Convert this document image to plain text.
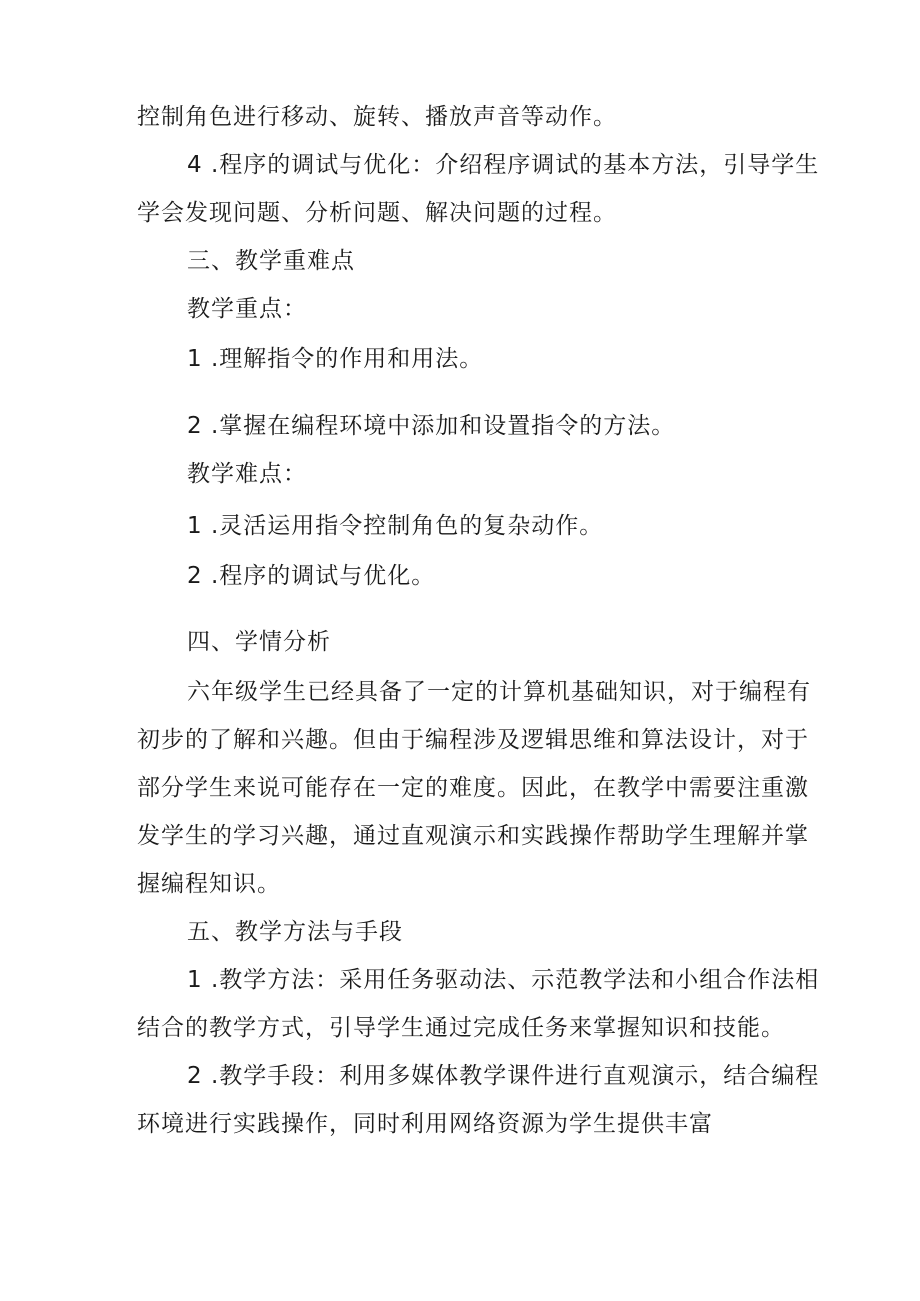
控制角色进行移动、旋转、播放声音等动作。
4 .程序的调试与优化：介绍程序调试的基本方法，引导学生
学会发现问题、分析问题、解决问题的过程。
三、教学重难点
教学重点：
1 .理解指令的作用和用法。
2 .掌握在编程环境中添加和设置指令的方法。
教学难点：
1 .灵活运用指令控制角色的复杂动作。
2 .程序的调试与优化。
四、学情分析
六年级学生已经具备了一定的计算机基础知识，对于编程有
初步的了解和兴趣。但由于编程涉及逻辑思维和算法设计，对于
部分学生来说可能存在一定的难度。因此，在教学中需要注重激
发学生的学习兴趣，通过直观演示和实践操作帮助学生理解并掌
握编程知识。
五、教学方法与手段
1 .教学方法：采用任务驱动法、示范教学法和小组合作法相
结合的教学方式，引导学生通过完成任务来掌握知识和技能。
2 .教学手段：利用多媒体教学课件进行直观演示，结合编程
环境进行实践操作，同时利用网络资源为学生提供丰富
